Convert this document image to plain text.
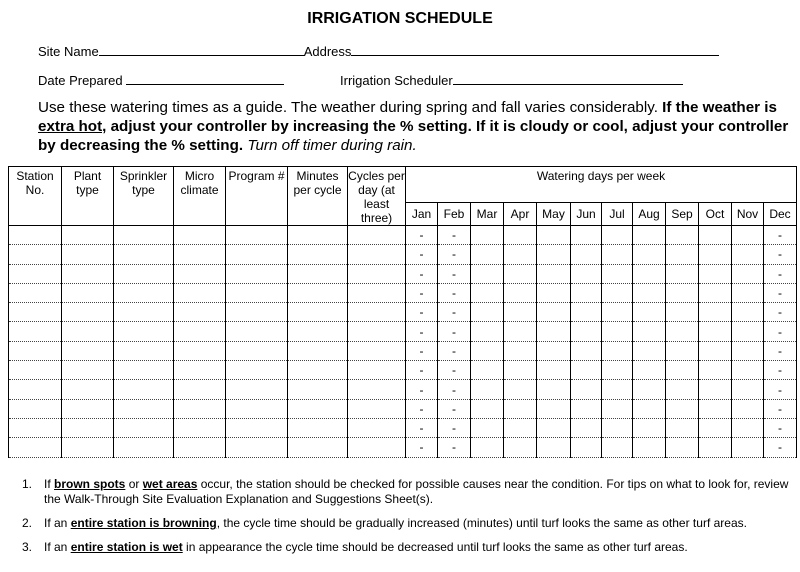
IRRIGATION SCHEDULE
Site Name	Address
Date Prepared	Irrigation Scheduler
Use these watering times as a guide. The weather during spring and fall varies considerably. If the weather is extra hot, adjust your controller by increasing the % setting. If it is cloudy or cool, adjust your controller by decreasing the % setting. Turn off timer during rain.
Station No.	Plant type	Sprinkler type	Micro climate	Program #	Minutes per cycle	Cycles per day (at least three)	Watering days per week											
							Jan	Feb	Mar	Apr	May	Jun	Jul	Aug	Sep	Oct	Nov	Dec
							-	-										-
							-	-										-
							-	-										-
							-	-										-
							-	-										-
							-	-										-
							-	-										-
							-	-										-
							-	-										-
							-	-										-
							-	-										-
							-	-										-
1. If brown spots or wet areas occur, the station should be checked for possible causes near the condition. For tips on what to look for, review the Walk-Through Site Evaluation Explanation and Suggestions Sheet(s).
2. If an entire station is browning, the cycle time should be gradually increased (minutes) until turf looks the same as other turf areas.
3. If an entire station is wet in appearance the cycle time should be decreased until turf looks the same as other turf areas.
